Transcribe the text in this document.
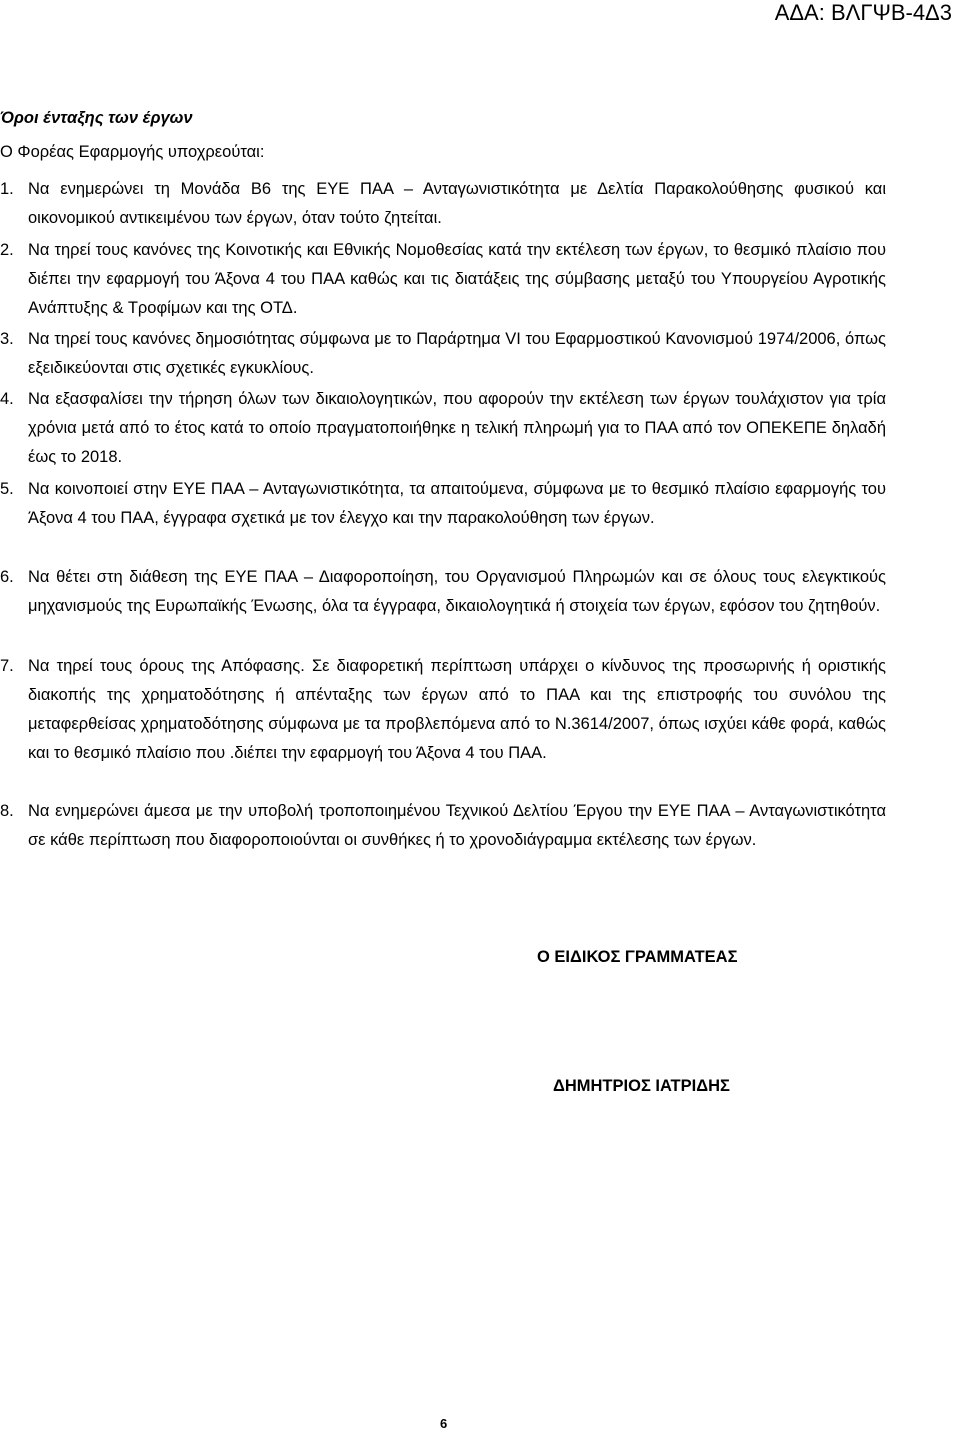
ΑΔΑ: ΒΛΓΨΒ-4Δ3
Όροι ένταξης των έργων
Ο Φορέας Εφαρμογής υποχρεούται:
1. Να ενημερώνει τη Μονάδα Β6 της ΕΥΕ ΠΑΑ – Ανταγωνιστικότητα με Δελτία Παρακολούθησης φυσικού και οικονομικού αντικειμένου των έργων, όταν τούτο ζητείται.
2. Να τηρεί τους κανόνες της Κοινοτικής και Εθνικής Νομοθεσίας κατά την εκτέλεση των έργων, το θεσμικό πλαίσιο που διέπει την εφαρμογή του Άξονα 4 του ΠΑΑ καθώς και τις διατάξεις της σύμβασης μεταξύ του Υπουργείου Αγροτικής Ανάπτυξης & Τροφίμων και της ΟΤΔ.
3. Να τηρεί τους κανόνες δημοσιότητας σύμφωνα με το Παράρτημα VI του Εφαρμοστικού Κανονισμού 1974/2006, όπως εξειδικεύονται στις σχετικές εγκυκλίους.
4. Να εξασφαλίσει την τήρηση όλων των δικαιολογητικών, που αφορούν την εκτέλεση των έργων τουλάχιστον για τρία χρόνια μετά από το έτος κατά το οποίο πραγματοποιήθηκε η τελική πληρωμή για το ΠΑΑ από τον ΟΠΕΚΕΠΕ δηλαδή έως το 2018.
5. Να κοινοποιεί στην ΕΥΕ ΠΑΑ – Ανταγωνιστικότητα, τα απαιτούμενα, σύμφωνα με το θεσμικό πλαίσιο εφαρμογής του Άξονα 4 του ΠΑΑ, έγγραφα σχετικά με τον έλεγχο και την παρακολούθηση των έργων.
6. Να θέτει στη διάθεση της ΕΥΕ ΠΑΑ – Διαφοροποίηση, του Οργανισμού Πληρωμών και σε όλους τους ελεγκτικούς μηχανισμούς της Ευρωπαϊκής Ένωσης, όλα τα έγγραφα, δικαιολογητικά ή στοιχεία των έργων, εφόσον του ζητηθούν.
7. Να τηρεί τους όρους της Απόφασης. Σε διαφορετική περίπτωση υπάρχει ο κίνδυνος της προσωρινής ή οριστικής διακοπής της χρηματοδότησης ή απένταξης των έργων από το ΠΑΑ και της επιστροφής του συνόλου της μεταφερθείσας χρηματοδότησης σύμφωνα με τα προβλεπόμενα από το Ν.3614/2007, όπως ισχύει κάθε φορά, καθώς και το θεσμικό πλαίσιο που .διέπει την εφαρμογή του Άξονα 4 του ΠΑΑ.
8. Να ενημερώνει άμεσα με την υποβολή τροποποιημένου Τεχνικού Δελτίου Έργου την ΕΥΕ ΠΑΑ – Ανταγωνιστικότητα σε κάθε περίπτωση που διαφοροποιούνται οι συνθήκες ή το χρονοδιάγραμμα εκτέλεσης των έργων.
Ο ΕΙΔΙΚΟΣ ΓΡΑΜΜΑΤΕΑΣ
ΔΗΜΗΤΡΙΟΣ ΙΑΤΡΙΔΗΣ
6
